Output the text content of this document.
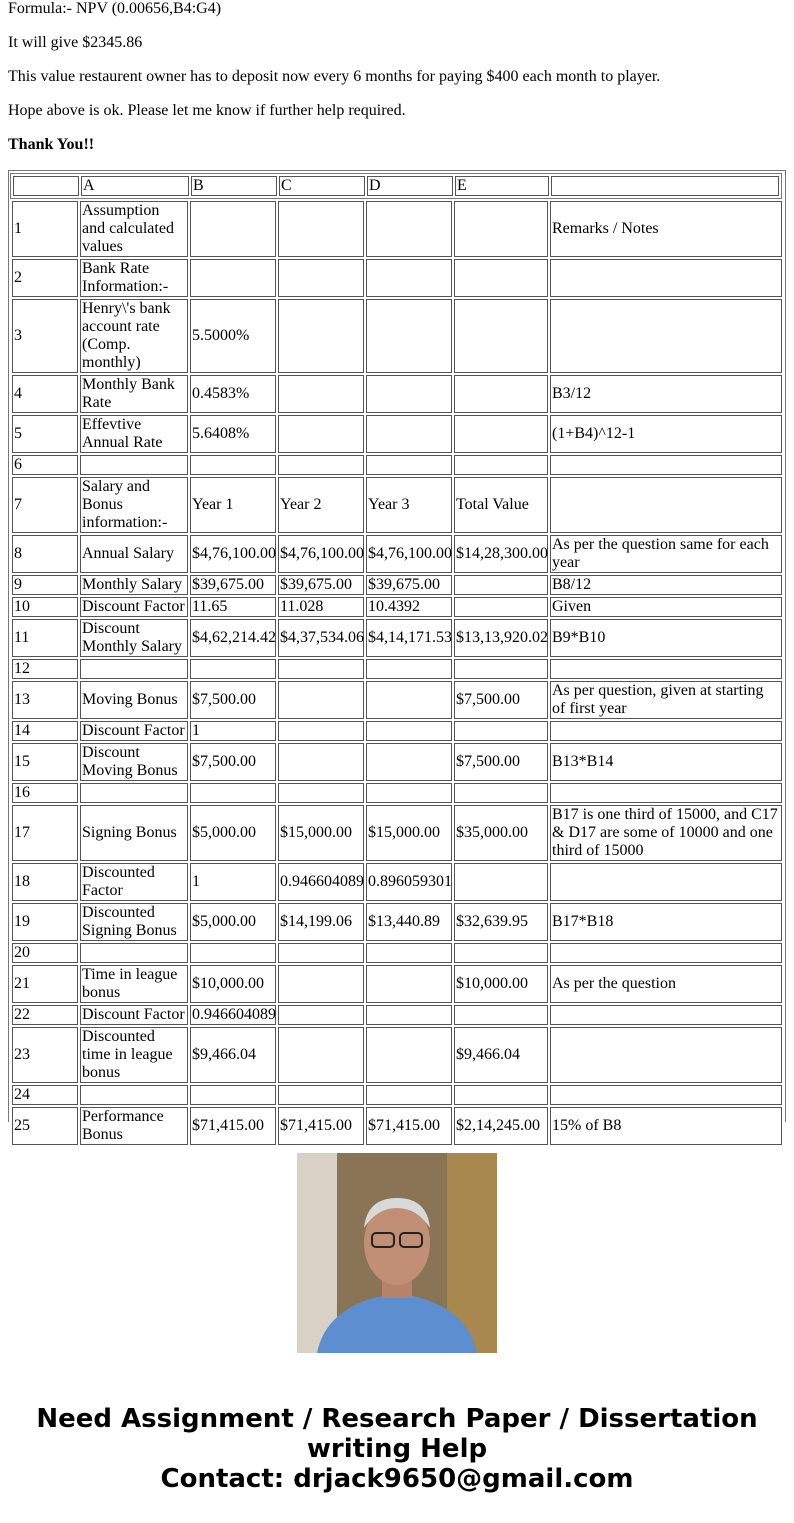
Formula:- NPV (0.00656,B4:G4)

It will give $2345.86

This value restaurent owner has to deposit now every 6 months for paying $400 each month to player.

Hope above is ok. Please let me know if further help required.

Thank You!!

	A	B	C	D	E	
1	Assumption and calculated values					Remarks / Notes
2	Bank Rate Information:-					
3	Henry\'s bank account rate (Comp. monthly)	5.5000%				
4	Monthly Bank Rate	0.4583%				B3/12
5	Effevtive Annual Rate	5.6408%				(1+B4)^12-1
6						
7	Salary and Bonus information:-	Year 1	Year 2	Year 3	Total Value	
8	Annual Salary	$4,76,100.00	$4,76,100.00	$4,76,100.00	$14,28,300.00	As per the question same for each year
9	Monthly Salary	$39,675.00	$39,675.00	$39,675.00		B8/12
10	Discount Factor	11.65	11.028	10.4392		Given
11	Discount Monthly Salary	$4,62,214.42	$4,37,534.06	$4,14,171.53	$13,13,920.02	B9*B10
12						
13	Moving Bonus	$7,500.00			$7,500.00	As per question, given at starting of first year
14	Discount Factor	1				
15	Discount Moving Bonus	$7,500.00			$7,500.00	B13*B14
16						
17	Signing Bonus	$5,000.00	$15,000.00	$15,000.00	$35,000.00	B17 is one third of 15000, and C17 & D17 are some of 10000 and one third of 15000
18	Discounted Factor	1	0.946604089	0.896059301		
19	Discounted Signing Bonus	$5,000.00	$14,199.06	$13,440.89	$32,639.95	B17*B18
20						
21	Time in league bonus	$10,000.00			$10,000.00	As per the question
22	Discount Factor	0.946604089				
23	Discounted time in league bonus	$9,466.04			$9,466.04	
24						
25	Performance Bonus	$71,415.00	$71,415.00	$71,415.00	$2,14,245.00	15% of B8
Need Assignment / Research Paper / Dissertation writing Help
Contact: drjack9650@gmail.com
